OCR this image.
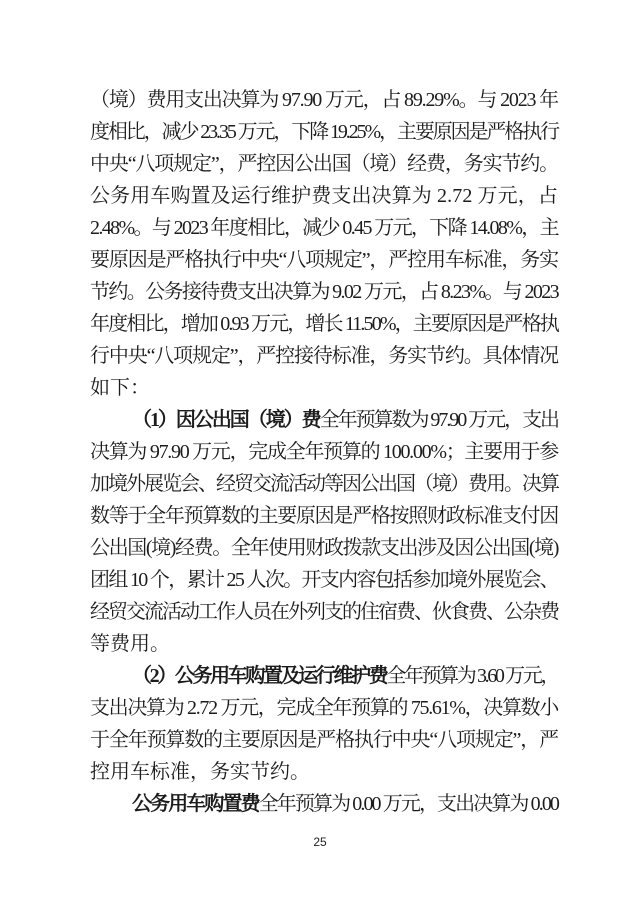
（境）费用支出决算为 97.90 万元，占 89.29%。与 2023 年
度相比，减少 23.35 万元，下降 19.25%，主要原因是严格执行
中央“八项规定”，严控因公出国（境）经费，务实节约。
公务用车购置及运行维护费支出决算为 2.72 万元，占
2.48%。与 2023 年度相比，减少 0.45 万元，下降 14.08%，主
要原因是严格执行中央“八项规定”，严控用车标准，务实
节约。公务接待费支出决算为 9.02 万元，占 8.23%。与 2023
年度相比，增加 0.93 万元，增长 11.50%，主要原因是严格执
行中央“八项规定”，严控接待标准，务实节约。具体情况
如下：
（1）因公出国（境）费全年预算数为 97.90 万元，支出
决算为 97.90 万元，完成全年预算的 100.00%；主要用于参
加境外展览会、经贸交流活动等因公出国（境）费用。决算
数等于全年预算数的主要原因是严格按照财政标准支付因
公出国(境)经费。全年使用财政拨款支出涉及因公出国(境)
团组 10 个，累计 25 人次。开支内容包括参加境外展览会、
经贸交流活动工作人员在外列支的住宿费、伙食费、公杂费
等费用。
（2）公务用车购置及运行维护费全年预算为 3.60 万元，
支出决算为 2.72 万元，完成全年预算的 75.61%，决算数小
于全年预算数的主要原因是严格执行中央“八项规定”，严
控用车标准，务实节约。
公务用车购置费全年预算为 0.00 万元，支出决算为 0.00
25
